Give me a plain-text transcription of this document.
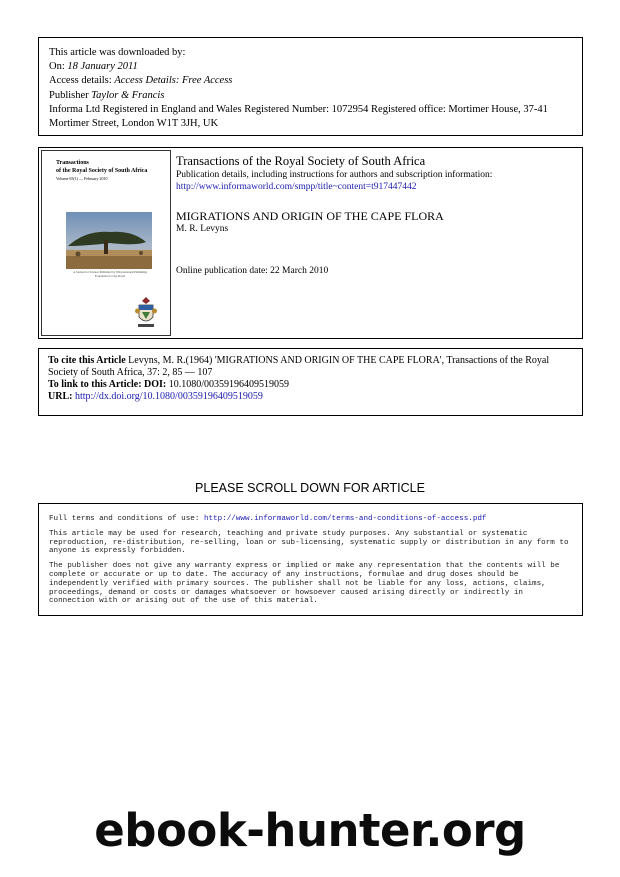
This article was downloaded by:
On: 18 January 2011
Access details: Access Details: Free Access
Publisher Taylor & Francis
Informa Ltd Registered in England and Wales Registered Number: 1072954 Registered office: Mortimer House, 37-41 Mortimer Street, London W1T 3JH, UK
Transactions
of the Royal Society of South Africa
Volume 65(1) — February 2010
A Journal for Science Published by Witwatersrand Publishing Foundation for the Royal
Transactions of the Royal Society of South Africa
Publication details, including instructions for authors and subscription information:
http://www.informaworld.com/smpp/title~content=t917447442
MIGRATIONS AND ORIGIN OF THE CAPE FLORA
M. R. Levyns
Online publication date: 22 March 2010
To cite this Article Levyns, M. R.(1964) 'MIGRATIONS AND ORIGIN OF THE CAPE FLORA', Transactions of the Royal Society of South Africa, 37: 2, 85 — 107
To link to this Article: DOI: 10.1080/00359196409519059
URL: http://dx.doi.org/10.1080/00359196409519059
PLEASE SCROLL DOWN FOR ARTICLE

Full terms and conditions of use: http://www.informaworld.com/terms-and-conditions-of-access.pdf

This article may be used for research, teaching and private study purposes. Any substantial or systematic reproduction, re-distribution, re-selling, loan or sub-licensing, systematic supply or distribution in any form to anyone is expressly forbidden.

The publisher does not give any warranty express or implied or make any representation that the contents will be complete or accurate or up to date. The accuracy of any instructions, formulae and drug doses should be independently verified with primary sources. The publisher shall not be liable for any loss, actions, claims, proceedings, demand or costs or damages whatsoever or howsoever caused arising directly or indirectly in connection with or arising out of the use of this material.

ebook-hunter.org
